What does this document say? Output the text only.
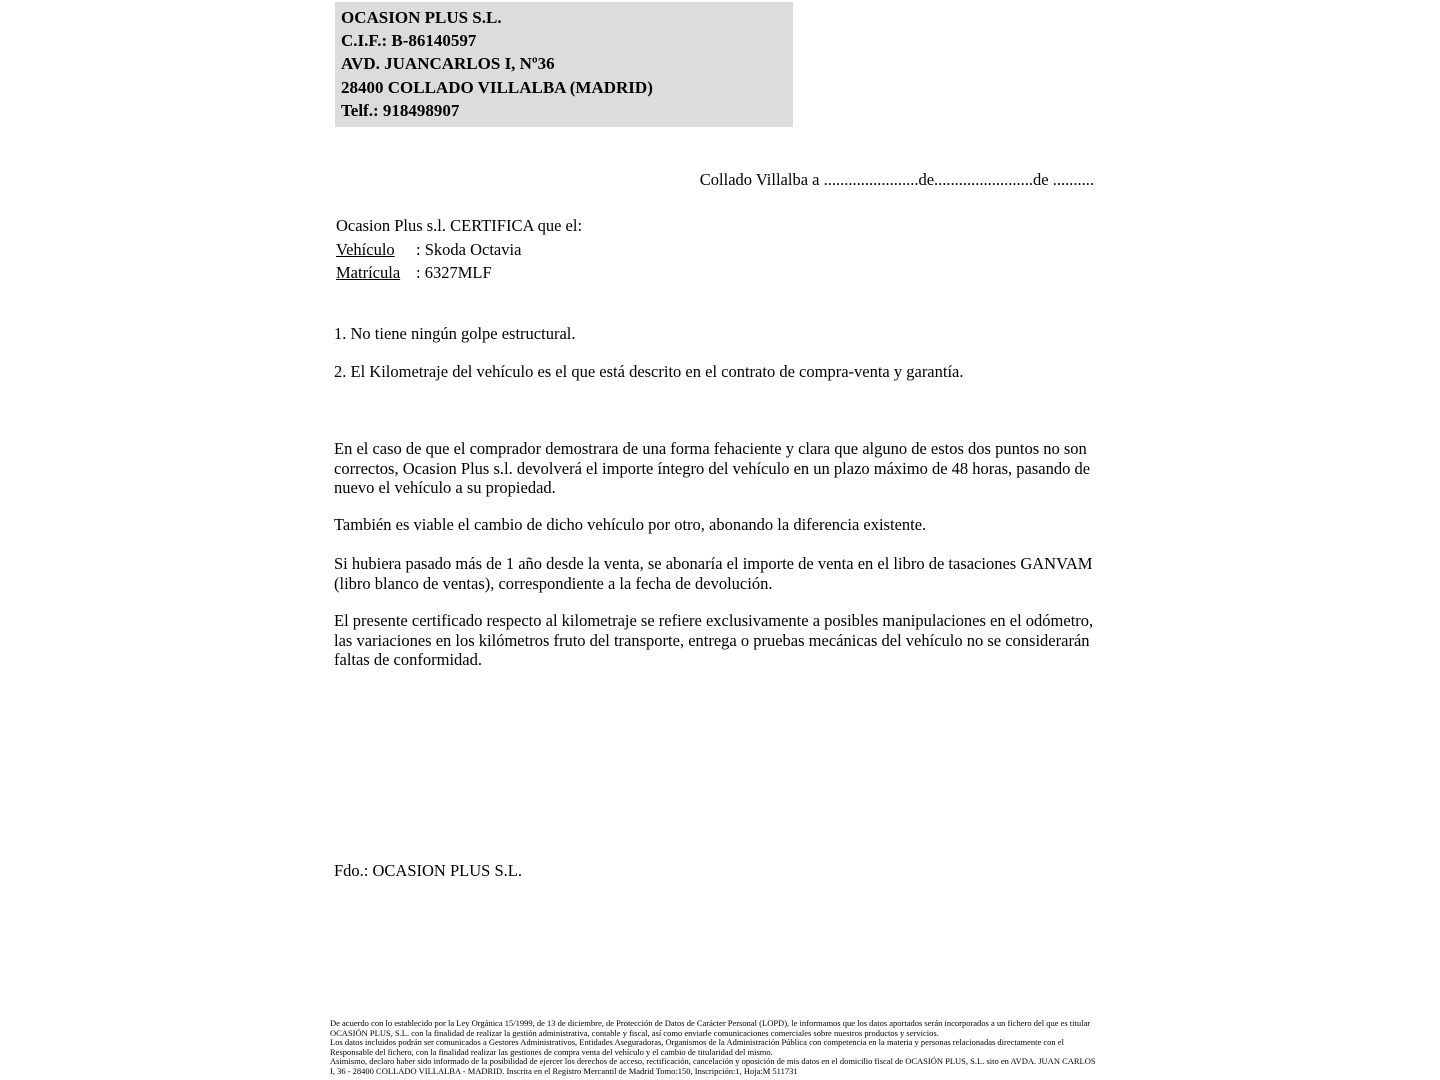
OCASION PLUS S.L.
C.I.F.: B-86140597
AVD. JUANCARLOS I, Nº36
28400 COLLADO VILLALBA (MADRID)
Telf.: 918498907
Collado Villalba a .......................de........................de ..........
Ocasion Plus s.l. CERTIFICA que el:
Vehículo : Skoda Octavia
Matrícula : 6327MLF
1. No tiene ningún golpe estructural.
2. El Kilometraje del vehículo es el que está descrito en el contrato de compra-venta y garantía.
En el caso de que el comprador demostrara de una forma fehaciente y clara que alguno de estos dos puntos no son correctos, Ocasion Plus s.l. devolverá el importe íntegro del vehículo en un plazo máximo de 48 horas, pasando de nuevo el vehículo a su propiedad.
También es viable el cambio de dicho vehículo por otro, abonando la diferencia existente.
Si hubiera pasado más de 1 año desde la venta, se abonaría el importe de venta en el libro de tasaciones GANVAM (libro blanco de ventas), correspondiente a la fecha de devolución.
El presente certificado respecto al kilometraje se refiere exclusivamente a posibles manipulaciones en el odómetro, las variaciones en los kilómetros fruto del transporte, entrega o pruebas mecánicas del vehículo no se considerarán faltas de conformidad.
Fdo.: OCASION PLUS S.L.
De acuerdo con lo establecido por la Ley Orgánica 15/1999, de 13 de diciembre, de Protección de Datos de Carácter Personal (LOPD), le informamos que los datos aportados serán incorporados a un fichero del que es titular OCASIÓN PLUS, S.L. con la finalidad de realizar la gestión administrativa, contable y fiscal, así como enviarle comunicaciones comerciales sobre nuestros productos y servicios.
Los datos incluidos podrán ser comunicados a Gestores Administrativos, Entidades Aseguradoras, Organismos de la Administración Pública con competencia en la materia y personas relacionadas directamente con el Responsable del fichero, con la finalidad realizar las gestiones de compra venta del vehículo y el cambio de titularidad del mismo.
Asimismo, declaro haber sido informado de la posibilidad de ejercer los derechos de acceso, rectificación, cancelación y oposición de mis datos en el domicilio fiscal de OCASIÓN PLUS, S.L. sito en AVDA. JUAN CARLOS I, 36 - 28400 COLLADO VILLALBA - MADRID. Inscrita en el Registro Mercantil de Madrid Tomo:150, Inscripción:1, Hoja:M 511731
